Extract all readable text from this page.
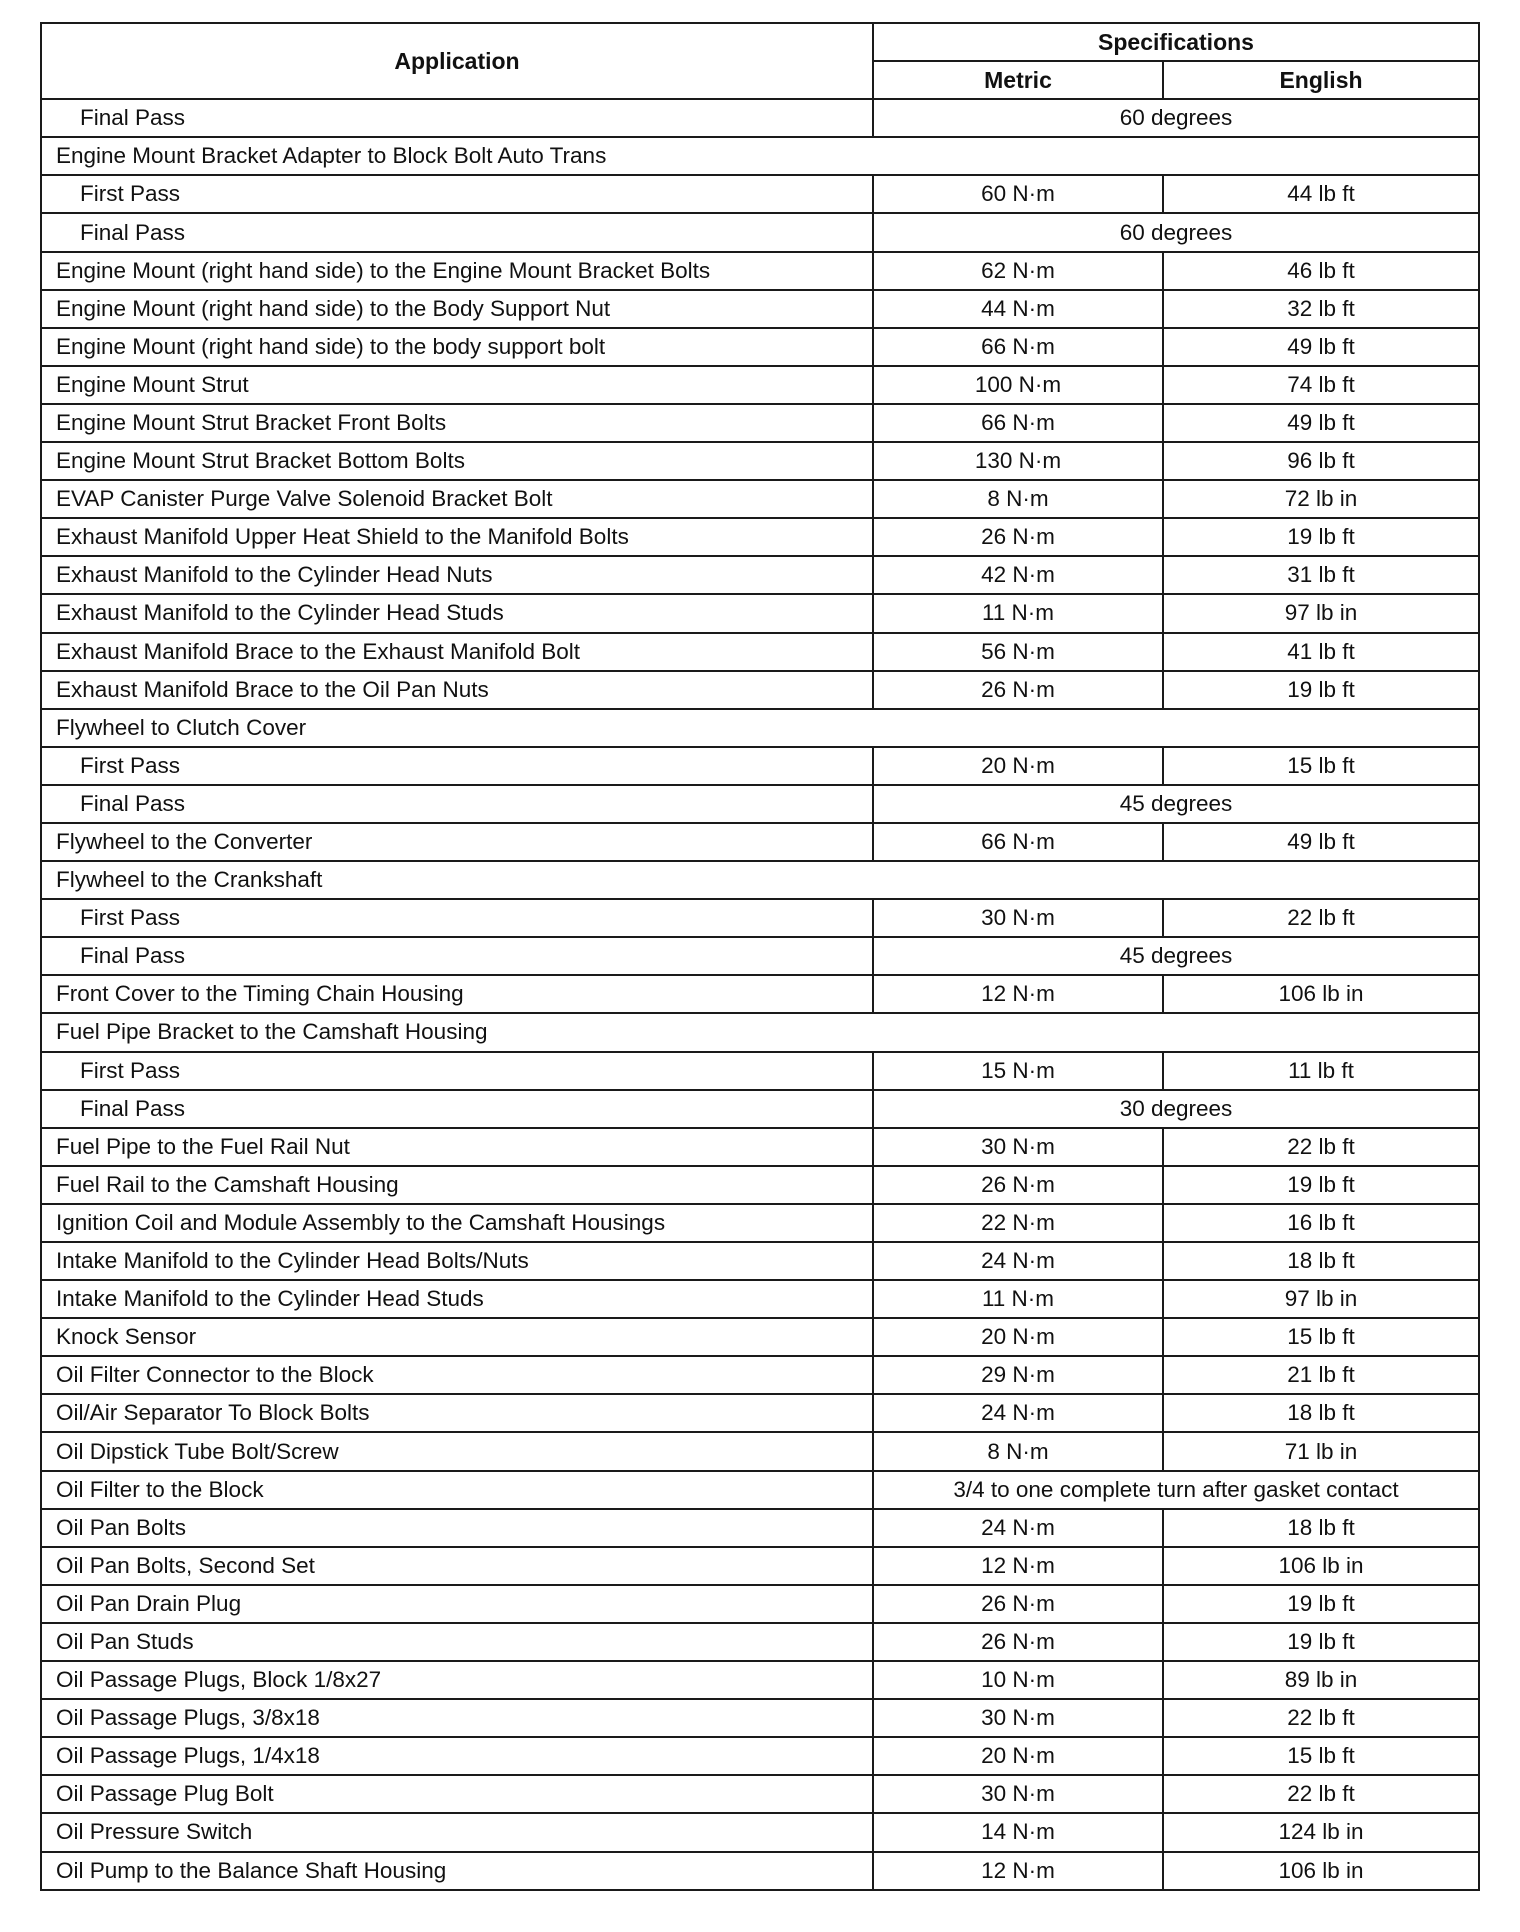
Application	Specifications	
	Metric	English
Final Pass	60 degrees	
Engine Mount Bracket Adapter to Block Bolt Auto Trans		
First Pass	60 N·m	44 lb ft
Final Pass	60 degrees	
Engine Mount (right hand side) to the Engine Mount Bracket Bolts	62 N·m	46 lb ft
Engine Mount (right hand side) to the Body Support Nut	44 N·m	32 lb ft
Engine Mount (right hand side) to the body support bolt	66 N·m	49 lb ft
Engine Mount Strut	100 N·m	74 lb ft
Engine Mount Strut Bracket Front Bolts	66 N·m	49 lb ft
Engine Mount Strut Bracket Bottom Bolts	130 N·m	96 lb ft
EVAP Canister Purge Valve Solenoid Bracket Bolt	8 N·m	72 lb in
Exhaust Manifold Upper Heat Shield to the Manifold Bolts	26 N·m	19 lb ft
Exhaust Manifold to the Cylinder Head Nuts	42 N·m	31 lb ft
Exhaust Manifold to the Cylinder Head Studs	11 N·m	97 lb in
Exhaust Manifold Brace to the Exhaust Manifold Bolt	56 N·m	41 lb ft
Exhaust Manifold Brace to the Oil Pan Nuts	26 N·m	19 lb ft
Flywheel to Clutch Cover		
First Pass	20 N·m	15 lb ft
Final Pass	45 degrees	
Flywheel to the Converter	66 N·m	49 lb ft
Flywheel to the Crankshaft		
First Pass	30 N·m	22 lb ft
Final Pass	45 degrees	
Front Cover to the Timing Chain Housing	12 N·m	106 lb in
Fuel Pipe Bracket to the Camshaft Housing		
First Pass	15 N·m	11 lb ft
Final Pass	30 degrees	
Fuel Pipe to the Fuel Rail Nut	30 N·m	22 lb ft
Fuel Rail to the Camshaft Housing	26 N·m	19 lb ft
Ignition Coil and Module Assembly to the Camshaft Housings	22 N·m	16 lb ft
Intake Manifold to the Cylinder Head Bolts/Nuts	24 N·m	18 lb ft
Intake Manifold to the Cylinder Head Studs	11 N·m	97 lb in
Knock Sensor	20 N·m	15 lb ft
Oil Filter Connector to the Block	29 N·m	21 lb ft
Oil/Air Separator To Block Bolts	24 N·m	18 lb ft
Oil Dipstick Tube Bolt/Screw	8 N·m	71 lb in
Oil Filter to the Block	3/4 to one complete turn after gasket contact	
Oil Pan Bolts	24 N·m	18 lb ft
Oil Pan Bolts, Second Set	12 N·m	106 lb in
Oil Pan Drain Plug	26 N·m	19 lb ft
Oil Pan Studs	26 N·m	19 lb ft
Oil Passage Plugs, Block 1/8x27	10 N·m	89 lb in
Oil Passage Plugs, 3/8x18	30 N·m	22 lb ft
Oil Passage Plugs, 1/4x18	20 N·m	15 lb ft
Oil Passage Plug Bolt	30 N·m	22 lb ft
Oil Pressure Switch	14 N·m	124 lb in
Oil Pump to the Balance Shaft Housing	12 N·m	106 lb in
